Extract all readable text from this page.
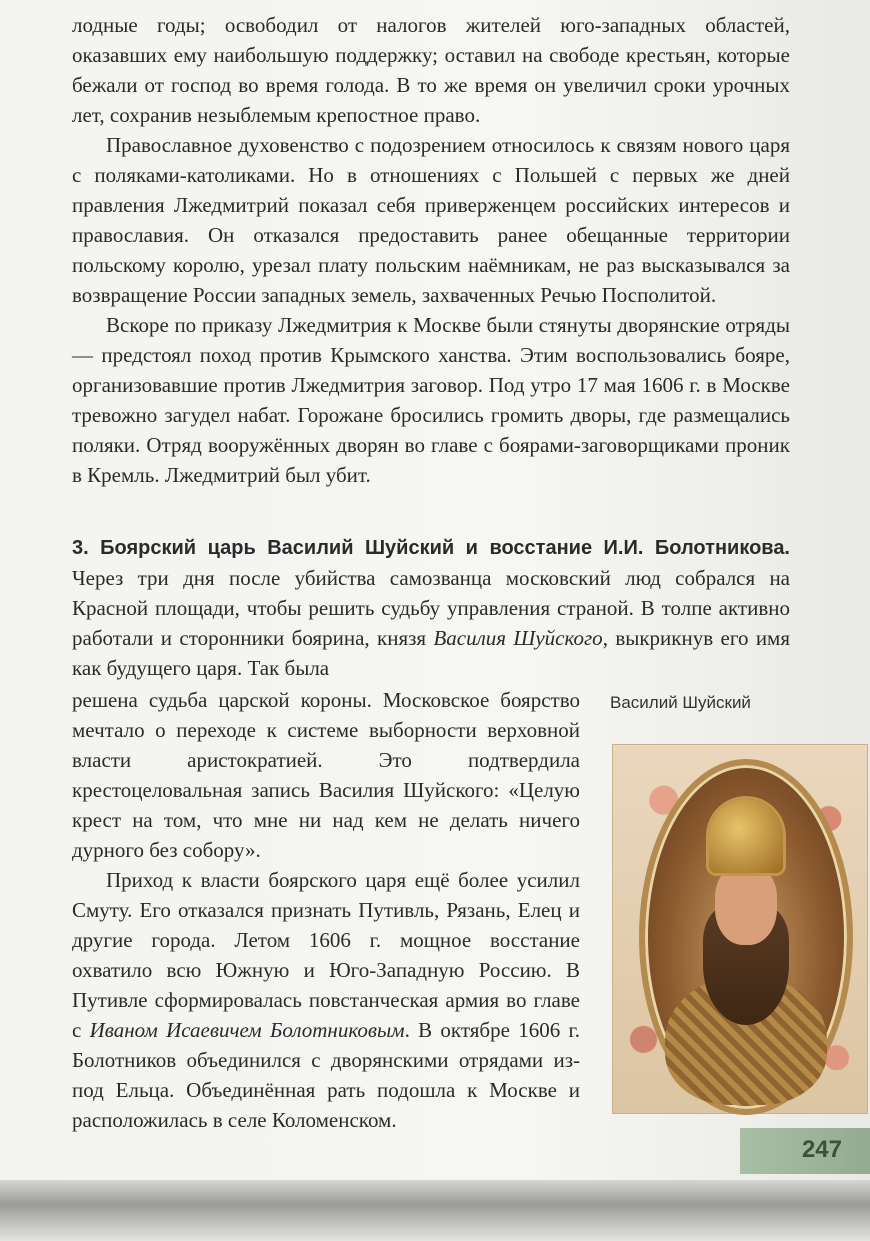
лодные годы; освободил от налогов жителей юго-западных областей, оказавших ему наибольшую поддержку; оставил на свободе крестьян, которые бежали от господ во время голода. В то же время он увеличил сроки урочных лет, сохранив незыблемым крепостное право.

Православное духовенство с подозрением относилось к связям нового царя с поляками-католиками. Но в отношениях с Польшей с первых же дней правления Лжедмитрий показал себя приверженцем российских интересов и православия. Он отказался предоставить ранее обещанные территории польскому королю, урезал плату польским наёмникам, не раз высказывался за возвращение России западных земель, захваченных Речью Посполитой.

Вскоре по приказу Лжедмитрия к Москве были стянуты дворянские отряды — предстоял поход против Крымского ханства. Этим воспользовались бояре, организовавшие против Лжедмитрия заговор. Под утро 17 мая 1606 г. в Москве тревожно загудел набат. Горожане бросились громить дворы, где размещались поляки. Отряд вооружённых дворян во главе с боярами-заговорщиками проник в Кремль. Лжедмитрий был убит.

3. Боярский царь Василий Шуйский и восстание И.И. Болотникова. Через три дня после убийства самозванца московский люд собрался на Красной площади, чтобы решить судьбу управления страной. В толпе активно работали и сторонники боярина, князя Василия Шуйского, выкрикнув его имя как будущего царя. Так была

решена судьба царской короны. Московское боярство мечтало о переходе к системе выборности верховной власти аристократией. Это подтвердила крестоцеловальная запись Василия Шуйского: «Целую крест на том, что мне ни над кем не делать ничего дурного без собору».

Приход к власти боярского царя ещё более усилил Смуту. Его отказался признать Путивль, Рязань, Елец и другие города. Летом 1606 г. мощное восстание охватило всю Южную и Юго-Западную Россию. В Путивле сформировалась повстанческая армия во главе с Иваном Исаевичем Болотниковым. В октябре 1606 г. Болотников объединился с дворянскими отрядами из-под Ельца. Объединённая рать подошла к Москве и расположилась в селе Коломенском.

Василий Шуйский
247
